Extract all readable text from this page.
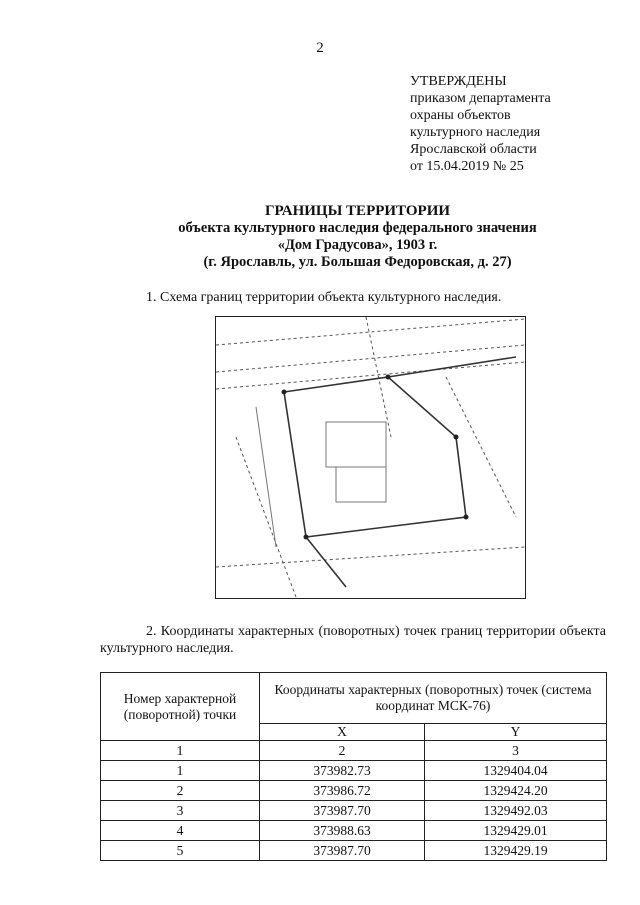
2
УТВЕРЖДЕНЫ
приказом департамента
охраны объектов
культурного наследия
Ярославской области
от 15.04.2019 № 25
ГРАНИЦЫ ТЕРРИТОРИИ
объекта культурного наследия федерального значения
«Дом Градусова», 1903 г.
(г. Ярославль, ул. Большая Федоровская, д. 27)
1. Схема границ территории объекта культурного наследия.
2. Координаты характерных (поворотных) точек границ территории объекта культурного наследия.
Номер характерной (поворотной) точки	Координаты характерных (поворотных) точек (система координат МСК-76)	
	X	Y
1	2	3
1	373982.73	1329404.04
2	373986.72	1329424.20
3	373987.70	1329492.03
4	373988.63	1329429.01
5	373987.70	1329429.19
